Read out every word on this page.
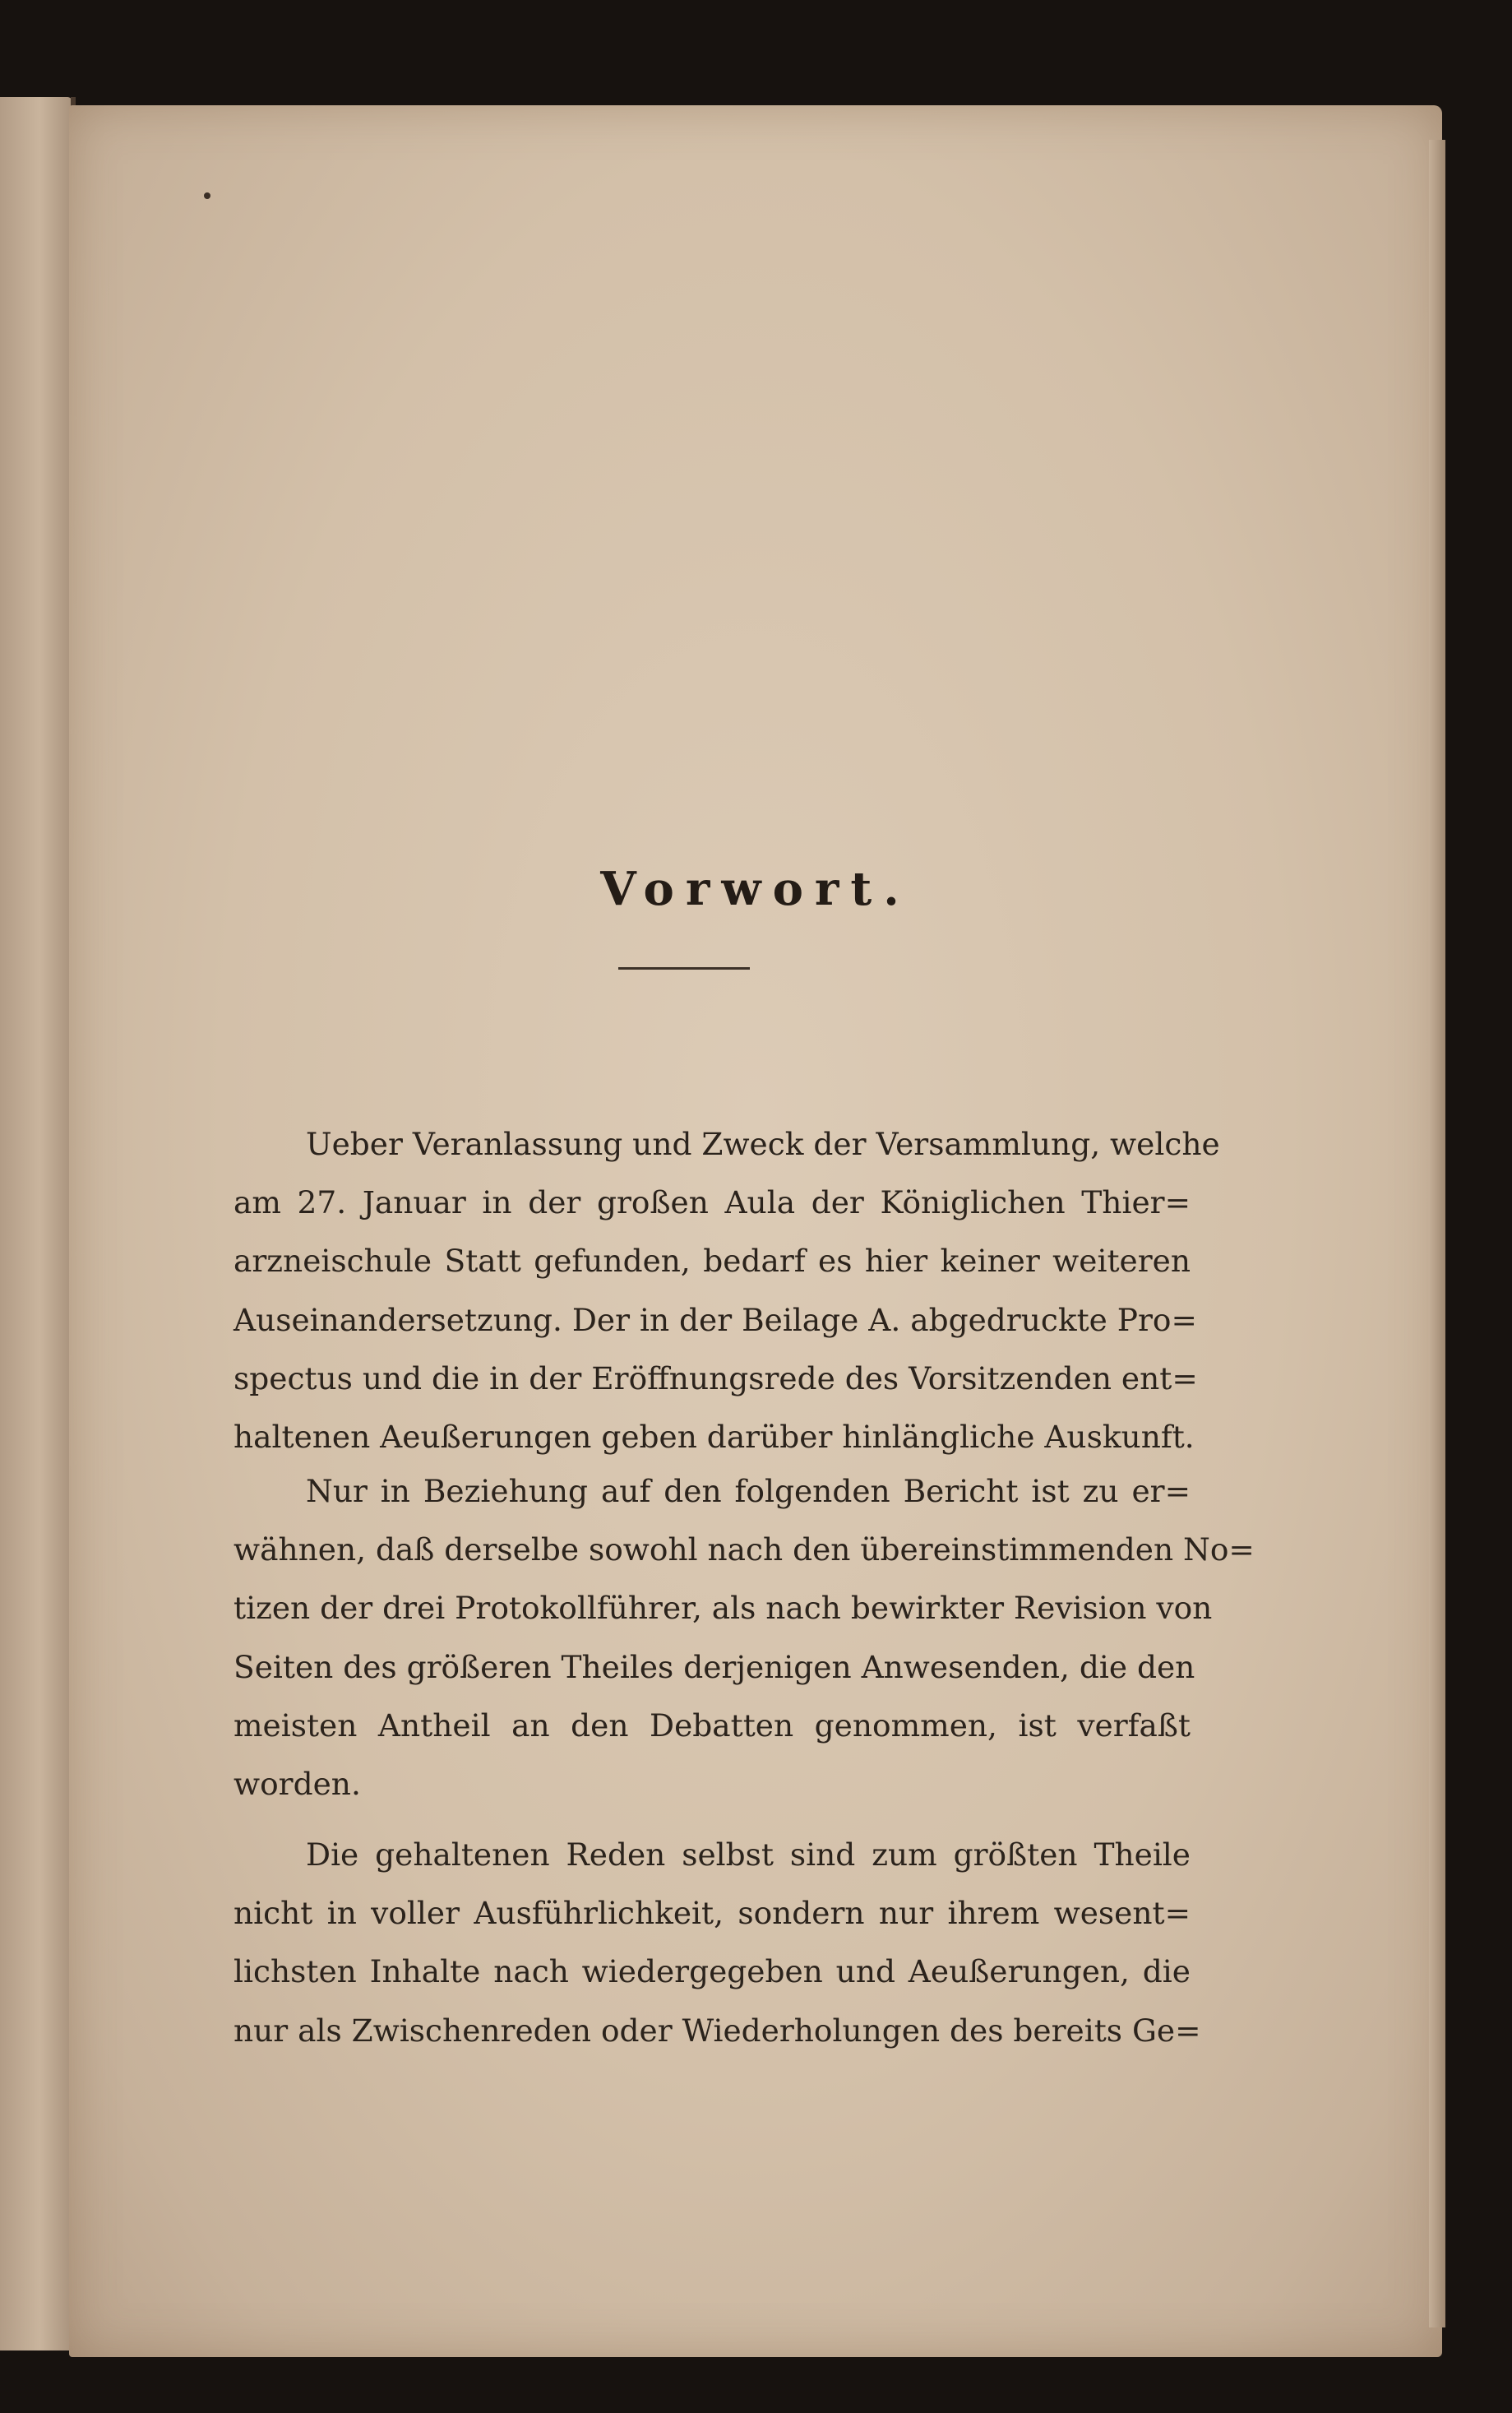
Vorwort.
Ueber Veranlassung und Zweck der Versammlung, welche
am 27. Januar in der großen Aula der Königlichen Thier=
arzneischule Statt gefunden, bedarf es hier keiner weiteren
Auseinandersetzung. Der in der Beilage A. abgedruckte Pro=
spectus und die in der Eröffnungsrede des Vorsitzenden ent=
haltenen Aeußerungen geben darüber hinlängliche Auskunft.
Nur in Beziehung auf den folgenden Bericht ist zu er=
wähnen, daß derselbe sowohl nach den übereinstimmenden No=
tizen der drei Protokollführer, als nach bewirkter Revision von
Seiten des größeren Theiles derjenigen Anwesenden, die den
meisten Antheil an den Debatten genommen, ist verfaßt
worden.
Die gehaltenen Reden selbst sind zum größten Theile
nicht in voller Ausführlichkeit, sondern nur ihrem wesent=
lichsten Inhalte nach wiedergegeben und Aeußerungen, die
nur als Zwischenreden oder Wiederholungen des bereits Ge=
